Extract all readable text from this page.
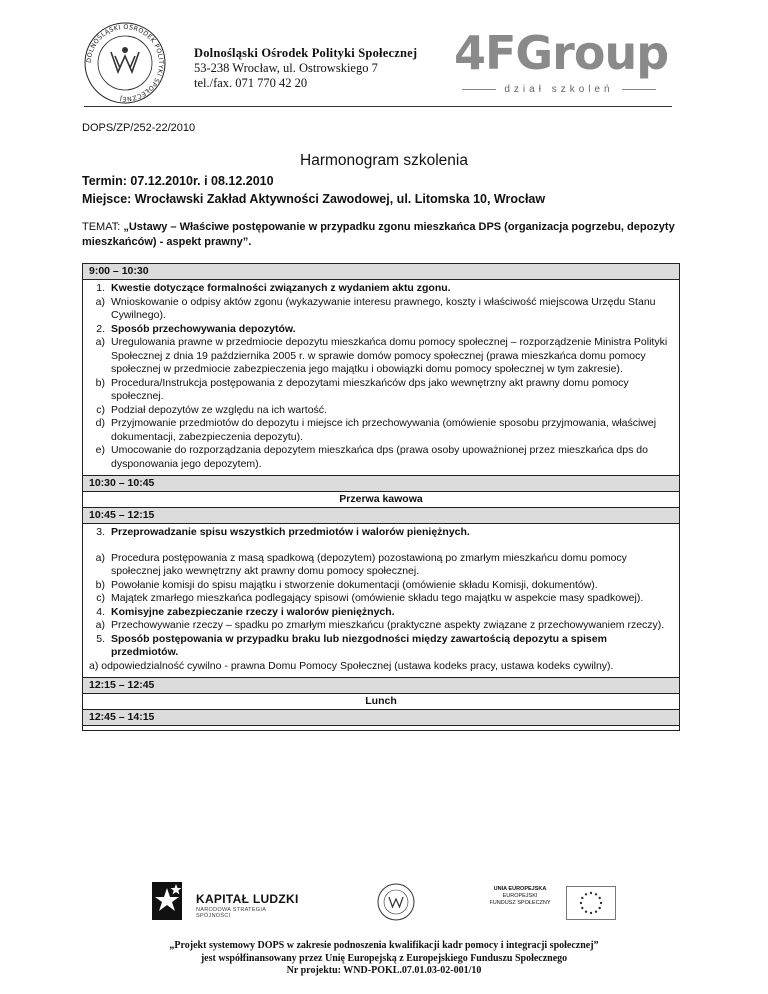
DOLNOŚLĄSKI OŚRODEK POLITYKI SPOŁECZNEJ
Dolnośląski Ośrodek Polityki Społecznej
53-238 Wrocław, ul. Ostrowskiego 7
tel./fax. 071 770 42 20
4FGroup
dział szkoleń
DOPS/ZP/252-22/2010
Harmonogram szkolenia
Termin: 07.12.2010r. i 08.12.2010
Miejsce: Wrocławski Zakład Aktywności Zawodowej, ul. Litomska 10, Wrocław
TEMAT: „Ustawy – Właściwe postępowanie w przypadku zgonu mieszkańca DPS (organizacja pogrzebu, depozyty mieszkańców) - aspekt prawny”.
9:00 – 10:30
1. Kwestie dotyczące formalności związanych z wydaniem aktu zgonu.
a) Wnioskowanie o odpisy aktów zgonu (wykazywanie interesu prawnego, koszty i właściwość miejscowa Urzędu Stanu Cywilnego).
2. Sposób przechowywania depozytów.
a) Uregulowania prawne w przedmiocie depozytu mieszkańca domu pomocy społecznej – rozporządzenie Ministra Polityki Społecznej z dnia 19 października 2005 r. w sprawie domów pomocy społecznej (prawa mieszkańca domu pomocy społecznej w przedmiocie zabezpieczenia jego majątku i obowiązki domu pomocy społecznej w tym zakresie).
b) Procedura/Instrukcja postępowania z depozytami mieszkańców dps jako wewnętrzny akt prawny domu pomocy społecznej.
c) Podział depozytów ze względu na ich wartość.
d) Przyjmowanie przedmiotów do depozytu i miejsce ich przechowywania (omówienie sposobu przyjmowania, właściwej dokumentacji, zabezpieczenia depozytu).
e) Umocowanie do rozporządzania depozytem mieszkańca dps (prawa osoby upoważnionej przez mieszkańca dps do dysponowania jego depozytem).
10:30 – 10:45
Przerwa kawowa
10:45 – 12:15
3. Przeprowadzanie spisu wszystkich przedmiotów i walorów pieniężnych.
a) Procedura postępowania z masą spadkową (depozytem) pozostawioną po zmarłym mieszkańcu domu pomocy społecznej jako wewnętrzny akt prawny domu pomocy społecznej.
b) Powołanie komisji do spisu majątku i stworzenie dokumentacji (omówienie składu Komisji, dokumentów).
c) Majątek zmarłego mieszkańca podlegający spisowi (omówienie składu tego majątku w aspekcie masy spadkowej).
4. Komisyjne zabezpieczanie rzeczy i walorów pieniężnych.
a) Przechowywanie rzeczy – spadku po zmarłym mieszkańcu (praktyczne aspekty związane z przechowywaniem rzeczy).
5. Sposób postępowania w przypadku braku lub niezgodności między zawartością depozytu a spisem przedmiotów.
a) odpowiedzialność cywilno - prawna Domu Pomocy Społecznej (ustawa kodeks pracy, ustawa kodeks cywilny).
12:15 – 12:45
Lunch
12:45 – 14:15
KAPITAŁ LUDZKI
NARODOWA STRATEGIA SPÓJNOŚCI
UNIA EUROPEJSKA
EUROPEJSKI
FUNDUSZ SPOŁECZNY
„Projekt systemowy DOPS w zakresie podnoszenia kwalifikacji kadr pomocy i integracji społecznej”
jest współfinansowany przez Unię Europejską z Europejskiego Funduszu Społecznego
Nr projektu: WND-POKL.07.01.03-02-001/10
